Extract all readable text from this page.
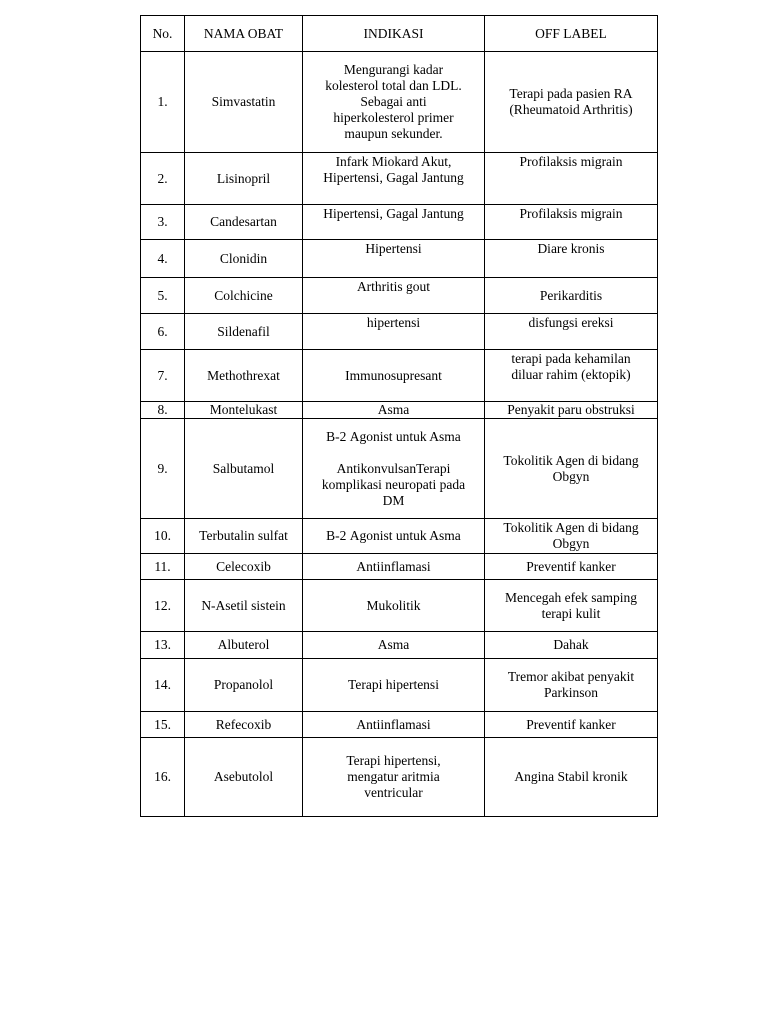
No.	NAMA OBAT	INDIKASI	OFF LABEL
1.	Simvastatin	Mengurangi kadar
kolesterol total dan LDL.
Sebagai anti
hiperkolesterol primer
maupun sekunder.	Terapi pada pasien RA
(Rheumatoid Arthritis)

2.	Lisinopril	Infark Miokard Akut,
Hipertensi, Gagal Jantung	Profilaksis migrain

3.	Candesartan	Hipertensi, Gagal Jantung	Profilaksis migrain

4.	Clonidin	Hipertensi	Diare kronis

5.	Colchicine	Arthritis gout	Perikarditis

6.	Sildenafil	hipertensi	disfungsi ereksi

7.	Methothrexat	Immunosupresant	terapi pada kehamilan
diluar rahim (ektopik)

8.	Montelukast	Asma	Penyakit paru obstruksi

9.	Salbutamol	Β-2 Agonist untuk Asma
AntikonvulsanTerapi
komplikasi neuropati pada
DM	Tokolitik Agen di bidang
Obgyn

10.	Terbutalin sulfat	Β-2 Agonist untuk Asma	Tokolitik Agen di bidang
Obgyn

11.	Celecoxib	Antiinflamasi	Preventif kanker

12.	N-Asetil sistein	Mukolitik	Mencegah efek samping
terapi kulit

13.	Albuterol	Asma	Dahak

14.	Propanolol	Terapi hipertensi	Tremor akibat penyakit
Parkinson

15.	Refecoxib	Antiinflamasi	Preventif kanker

16.	Asebutolol	Terapi hipertensi,
mengatur aritmia
ventricular	Angina Stabil kronik
